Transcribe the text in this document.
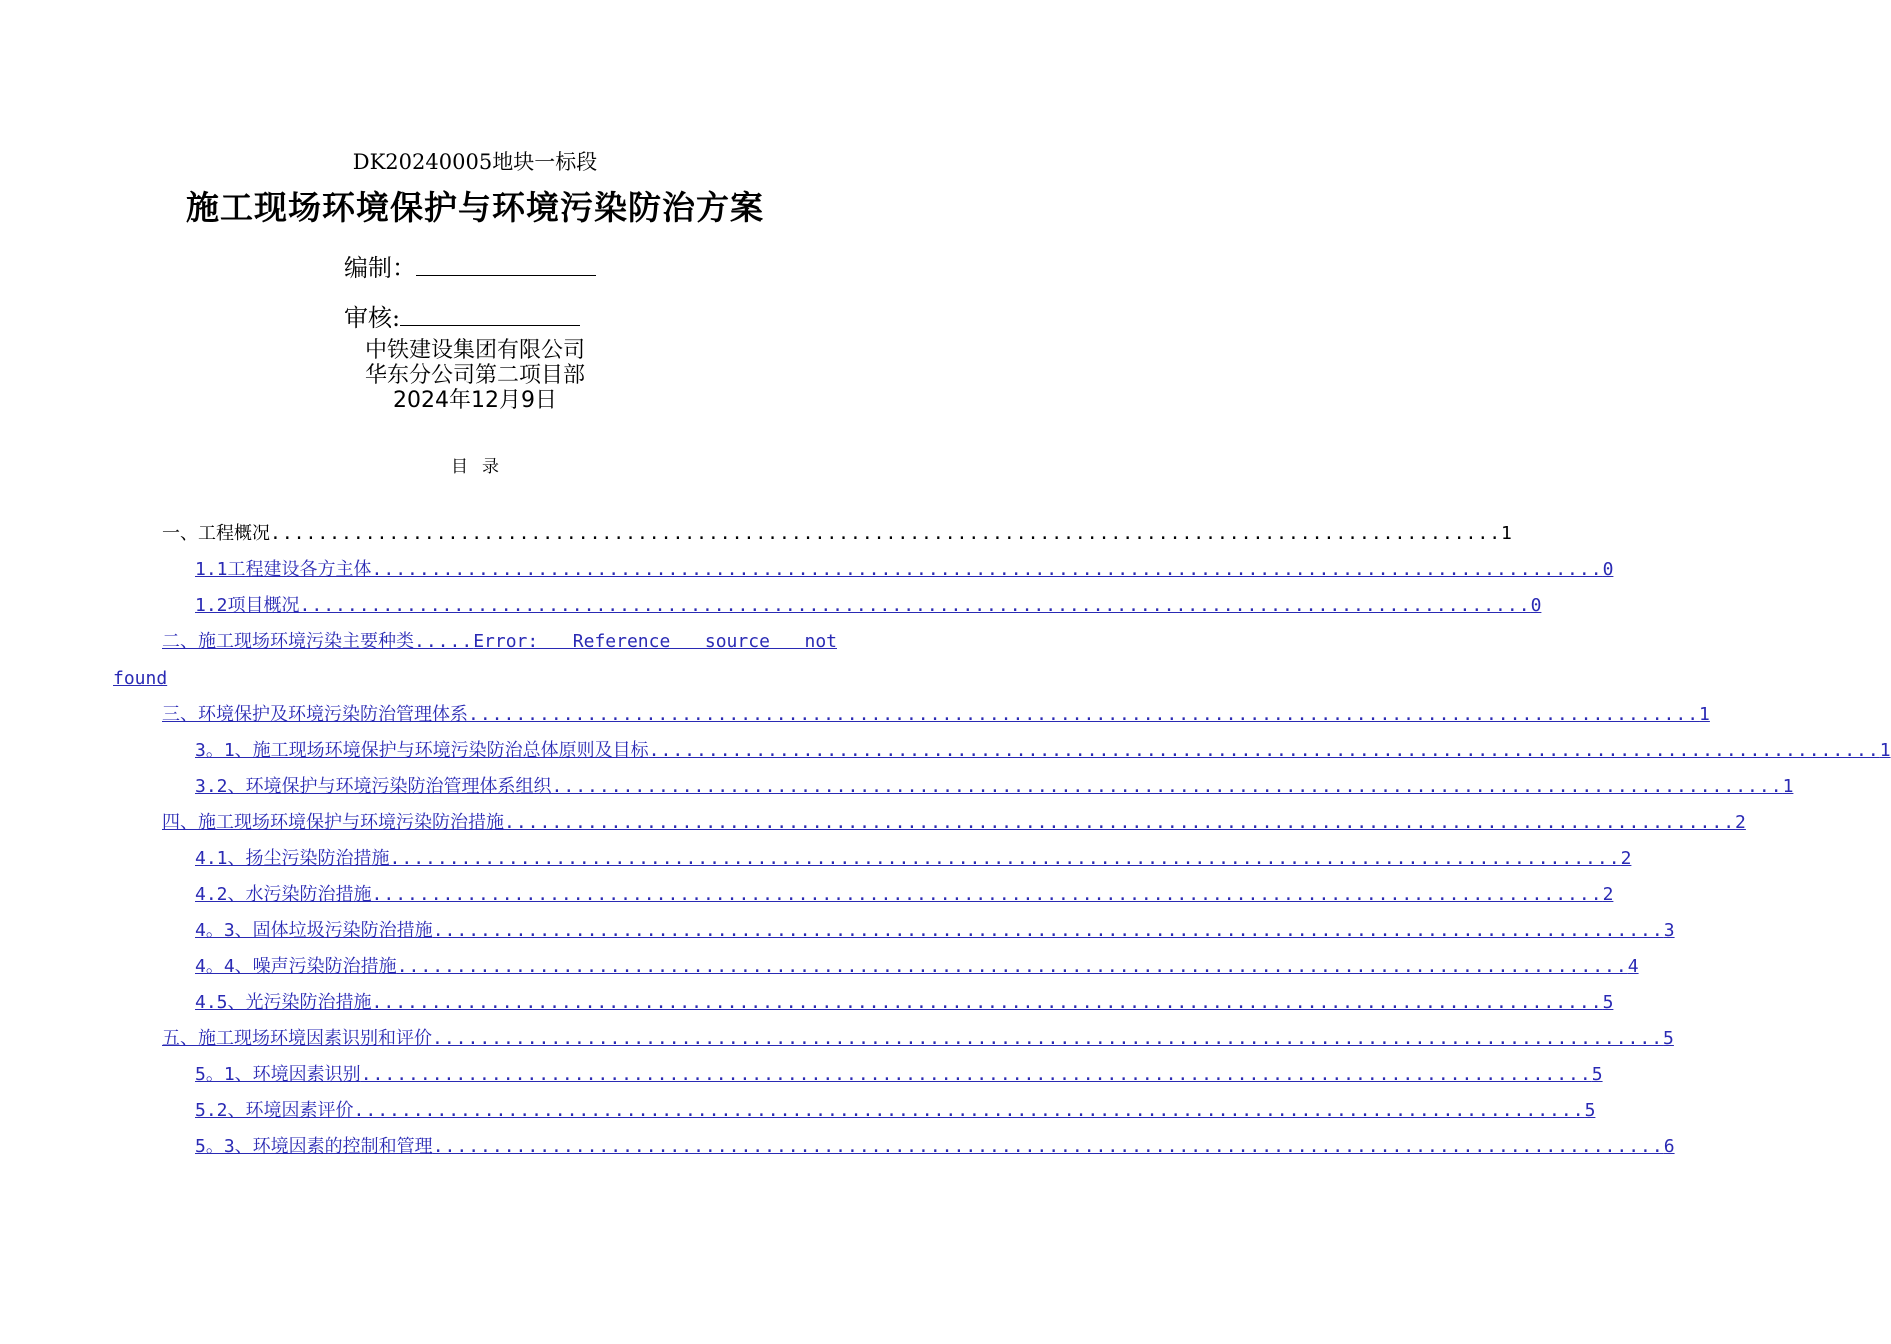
DK20240005地块一标段
施工现场环境保护与环境污染防治方案
编制：
审核:
中铁建设集团有限公司
华东分公司第二项目部
2024年12月9日
目录
一、工程概况 ........................................................................................................ 1
1.1工程建设各方主体 ........................................................................................................ 0
1.2项目概况 ........................................................................................................ 0
二、施工现场环境污染主要种类 ..... Error: Reference source not
found
三、环境保护及环境污染防治管理体系 ........................................................................................................ 1
3。1、施工现场环境保护与环境污染防治总体原则及目标 ........................................................................................................ 1
3.2、环境保护与环境污染防治管理体系组织 ........................................................................................................ 1
四、施工现场环境保护与环境污染防治措施 ........................................................................................................ 2
4.1、扬尘污染防治措施 ........................................................................................................ 2
4.2、水污染防治措施 ........................................................................................................ 2
4。3、固体垃圾污染防治措施 ........................................................................................................ 3
4。4、噪声污染防治措施 ........................................................................................................ 4
4.5、光污染防治措施 ........................................................................................................ 5
五、施工现场环境因素识别和评价 ........................................................................................................ 5
5。1、环境因素识别 ........................................................................................................ 5
5.2、环境因素评价 ........................................................................................................ 5
5。3、环境因素的控制和管理 ........................................................................................................ 6
